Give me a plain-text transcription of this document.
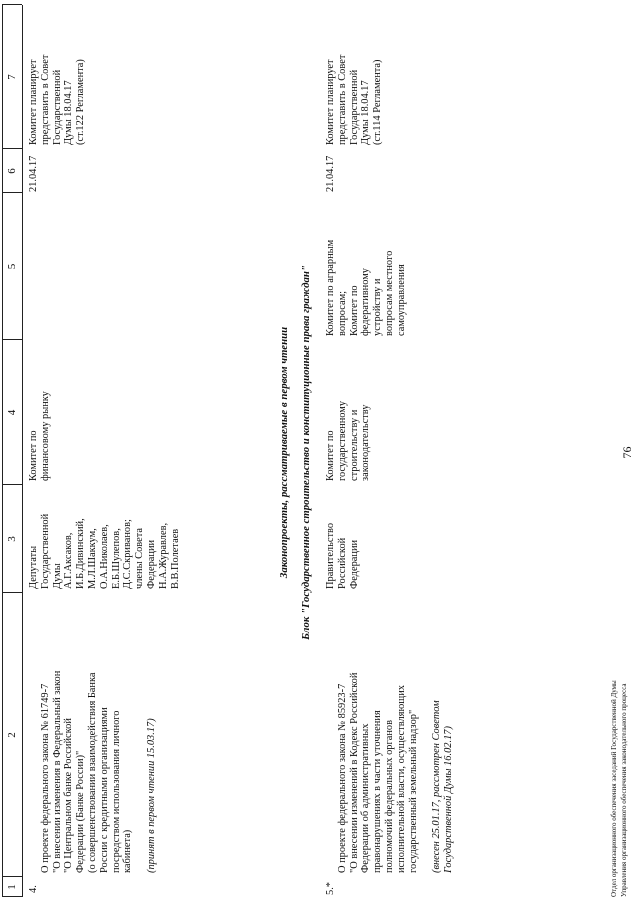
76
1
2
3
4
5
6
7
4.

О проекте федерального закона № 61749-7
"О внесении изменения в Федеральный закон
"О Центральном банке Российской
Федерации (Банке России)"
(о совершенствовании взаимодействия Банка
России с кредитными организациями
посредством использования личного
кабинета) (принят в первом чтении 15.03.17)

Депутаты
Государственной
Думы
А.Г.Аксаков,
И.Б.Дивинский,
М.Л.Шаккум,
О.А.Николаев,
Е.Б.Шулепов,
Д.С.Скриванов;
члены Совета
Федерации
Н.А.Журавлев,
В.В.Полетаев
Комитет по
финансовому рынку
21.04.17
Комитет планирует
представить в Совет
Государственной
Думы 18.04.17
(ст.122 Регламента)
Законопроекты, рассматриваемые в первом чтении Блок "Государственное строительство и конституционные права граждан"
5.*

О проекте федерального закона № 85923-7
"О внесении изменений в Кодекс Российской
Федерации об административных
правонарушениях в части уточнения
полномочий федеральных органов
исполнительной власти, осуществляющих
государственный земельный надзор"

(внесен 25.01.17, рассмотрен Советом
Государственной Думы 16.02.17)

Правительство
Российской
Федерации
Комитет по
государственному
строительству и
законодательству
Комитет по аграрным
вопросам;
Комитет по
федеративному
устройству и
вопросам местного
самоуправления
21.04.17
Комитет планирует
представить в Совет
Государственной
Думы 18.04.17
(ст.114 Регламента)
Отдел организационного обеспечения заседаний Государственной Думы Управления организационного обеспечения законодательного процесса
